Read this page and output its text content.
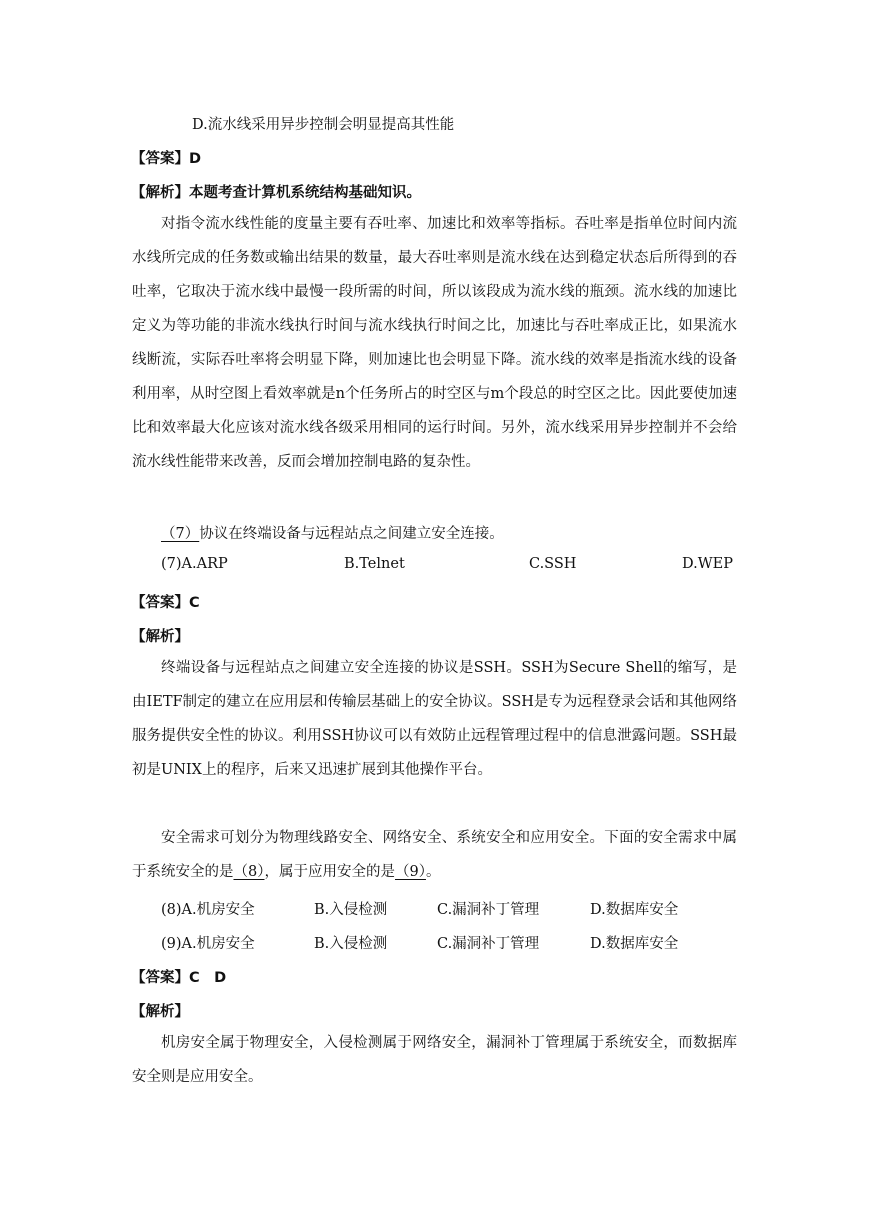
D.流水线采用异步控制会明显提高其性能
【答案】D
【解析】本题考查计算机系统结构基础知识。

对指令流水线性能的度量主要有吞吐率、加速比和效率等指标。吞吐率是指单位时间内流水线所完成的任务数或输出结果的数量，最大吞吐率则是流水线在达到稳定状态后所得到的吞吐率，它取决于流水线中最慢一段所需的时间，所以该段成为流水线的瓶颈。流水线的加速比定义为等功能的非流水线执行时间与流水线执行时间之比，加速比与吞吐率成正比，如果流水线断流，实际吞吐率将会明显下降，则加速比也会明显下降。流水线的效率是指流水线的设备利用率，从时空图上看效率就是n个任务所占的时空区与m个段总的时空区之比。因此要使加速比和效率最大化应该对流水线各级采用相同的运行时间。另外，流水线采用异步控制并不会给流水线性能带来改善，反而会增加控制电路的复杂性。

（7）协议在终端设备与远程站点之间建立安全连接。
(7)A.ARP	B.Telnet	C.SSH	D.WEP
【答案】C
【解析】

终端设备与远程站点之间建立安全连接的协议是SSH。SSH为Secure Shell的缩写，是由IETF制定的建立在应用层和传输层基础上的安全协议。SSH是专为远程登录会话和其他网络服务提供安全性的协议。利用SSH协议可以有效防止远程管理过程中的信息泄露问题。SSH最初是UNIX上的程序，后来又迅速扩展到其他操作平台。

安全需求可划分为物理线路安全、网络安全、系统安全和应用安全。下面的安全需求中属于系统安全的是（8），属于应用安全的是（9）。

(8)A.机房安全	B.入侵检测	C.漏洞补丁管理	D.数据库安全
(9)A.机房安全	B.入侵检测	C.漏洞补丁管理	D.数据库安全
【答案】C　D
【解析】

机房安全属于物理安全，入侵检测属于网络安全，漏洞补丁管理属于系统安全，而数据库安全则是应用安全。
